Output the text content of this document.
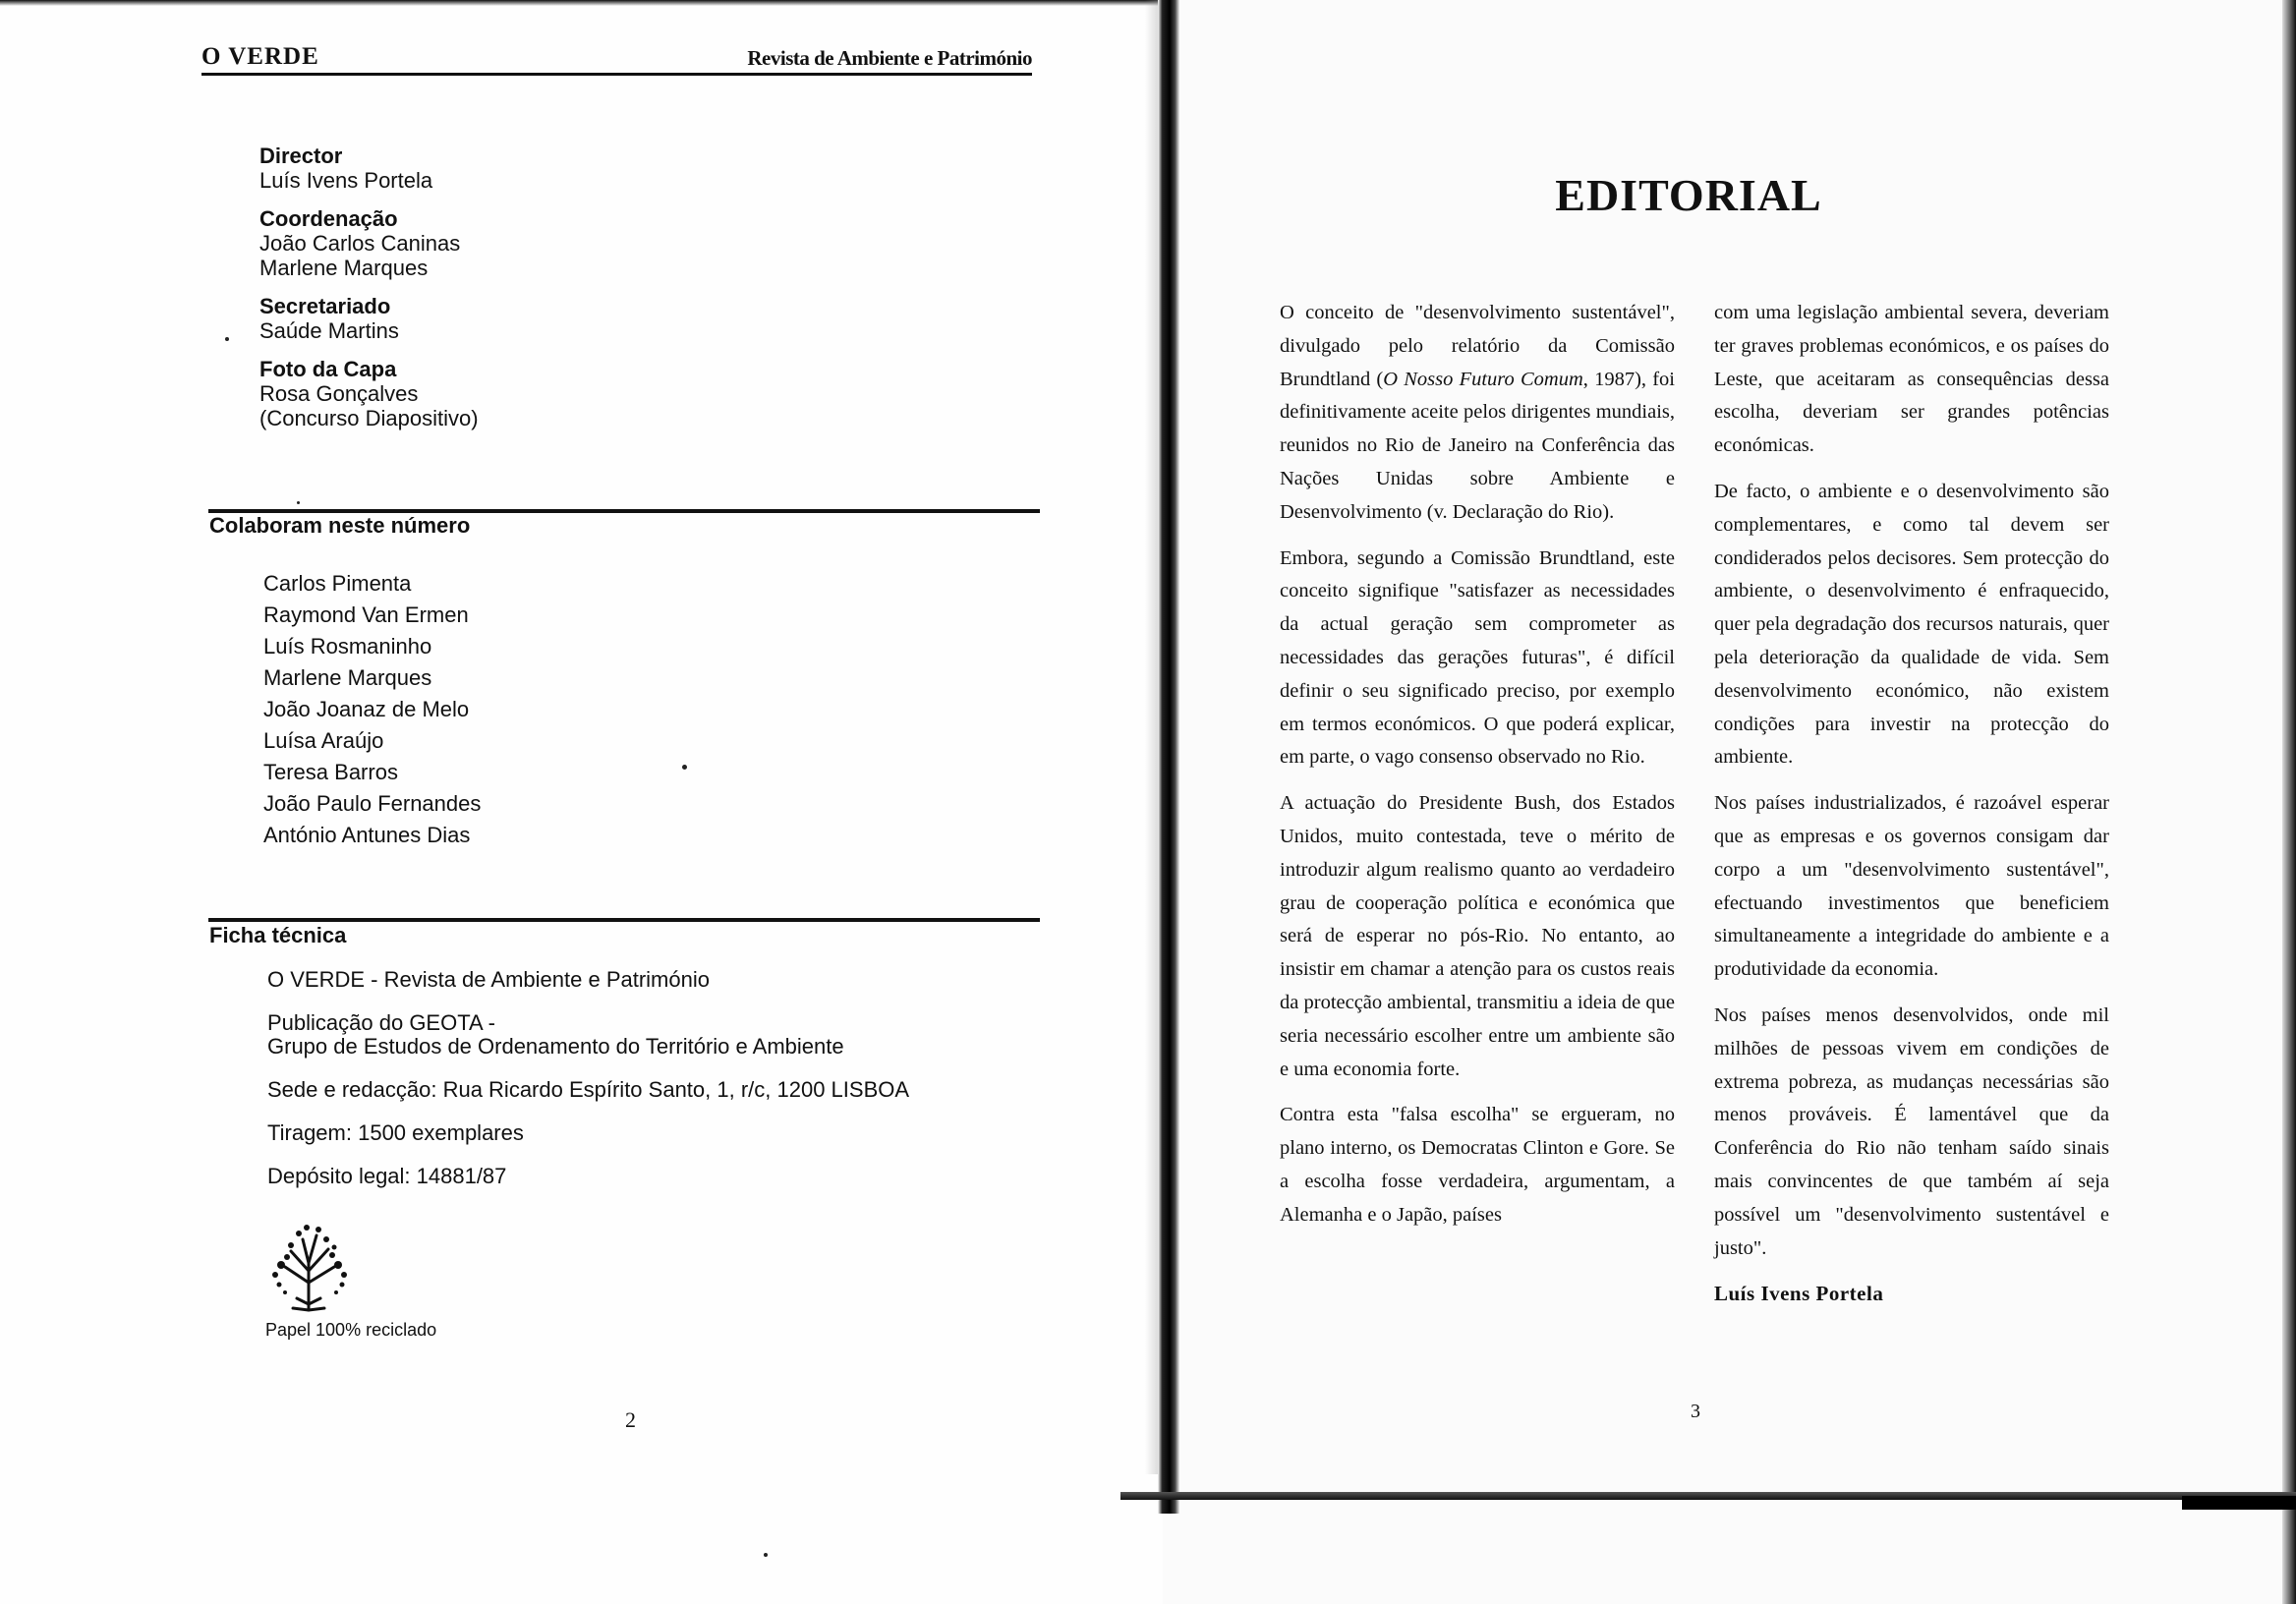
O VERDE	Revista de Ambiente e Património
Director
Luís Ivens Portela
Coordenação
João Carlos Caninas
Marlene Marques
Secretariado
Saúde Martins
Foto da Capa
Rosa Gonçalves
(Concurso Diapositivo)
Colaboram neste número
Carlos Pimenta
Raymond Van Ermen
Luís Rosmaninho
Marlene Marques
João Joanaz de Melo
Luísa Araújo
Teresa Barros
João Paulo Fernandes
António Antunes Dias
Ficha técnica
O VERDE - Revista de Ambiente e Património
Publicação do GEOTA -
Grupo de Estudos de Ordenamento do Território e Ambiente
Sede e redacção: Rua Ricardo Espírito Santo, 1, r/c, 1200 LISBOA
Tiragem: 1500 exemplares
Depósito legal: 14881/87
Papel 100% reciclado
2
EDITORIAL

O conceito de "desenvolvimento sustentável", divulgado pelo relatório da Comissão Brundtland (O Nosso Futuro Comum, 1987), foi definitivamente aceite pelos dirigentes mundiais, reunidos no Rio de Janeiro na Conferência das Nações Unidas sobre Ambiente e Desenvolvimento (v. Declaração do Rio).

Embora, segundo a Comissão Brundtland, este conceito signifique "satisfazer as necessidades da actual geração sem comprometer as necessidades das gerações futuras", é difícil definir o seu significado preciso, por exemplo em termos económicos. O que poderá explicar, em parte, o vago consenso observado no Rio.

A actuação do Presidente Bush, dos Estados Unidos, muito contestada, teve o mérito de introduzir algum realismo quanto ao verdadeiro grau de cooperação política e económica que será de esperar no pós-Rio. No entanto, ao insistir em chamar a atenção para os custos reais da protecção ambiental, transmitiu a ideia de que seria necessário escolher entre um ambiente são e uma economia forte.

Contra esta "falsa escolha" se ergueram, no plano interno, os Democratas Clinton e Gore. Se a escolha fosse verdadeira, argumentam, a Alemanha e o Japão, países

com uma legislação ambiental severa, deveriam ter graves problemas económicos, e os países do Leste, que aceitaram as consequências dessa escolha, deveriam ser grandes potências económicas.

De facto, o ambiente e o desenvolvimento são complementares, e como tal devem ser condiderados pelos decisores. Sem protecção do ambiente, o desenvolvimento é enfraquecido, quer pela degradação dos recursos naturais, quer pela deterioração da qualidade de vida. Sem desenvolvimento económico, não existem condições para investir na protecção do ambiente.

Nos países industrializados, é razoável esperar que as empresas e os governos consigam dar corpo a um "desenvolvimento sustentável", efectuando investimentos que beneficiem simultaneamente a integridade do ambiente e a produtividade da economia.

Nos países menos desenvolvidos, onde mil milhões de pessoas vivem em condições de extrema pobreza, as mudanças necessárias são menos prováveis. É lamentável que da Conferência do Rio não tenham saído sinais mais convincentes de que também aí seja possível um "desenvolvimento sustentável e justo".

Luís Ivens Portela

3
